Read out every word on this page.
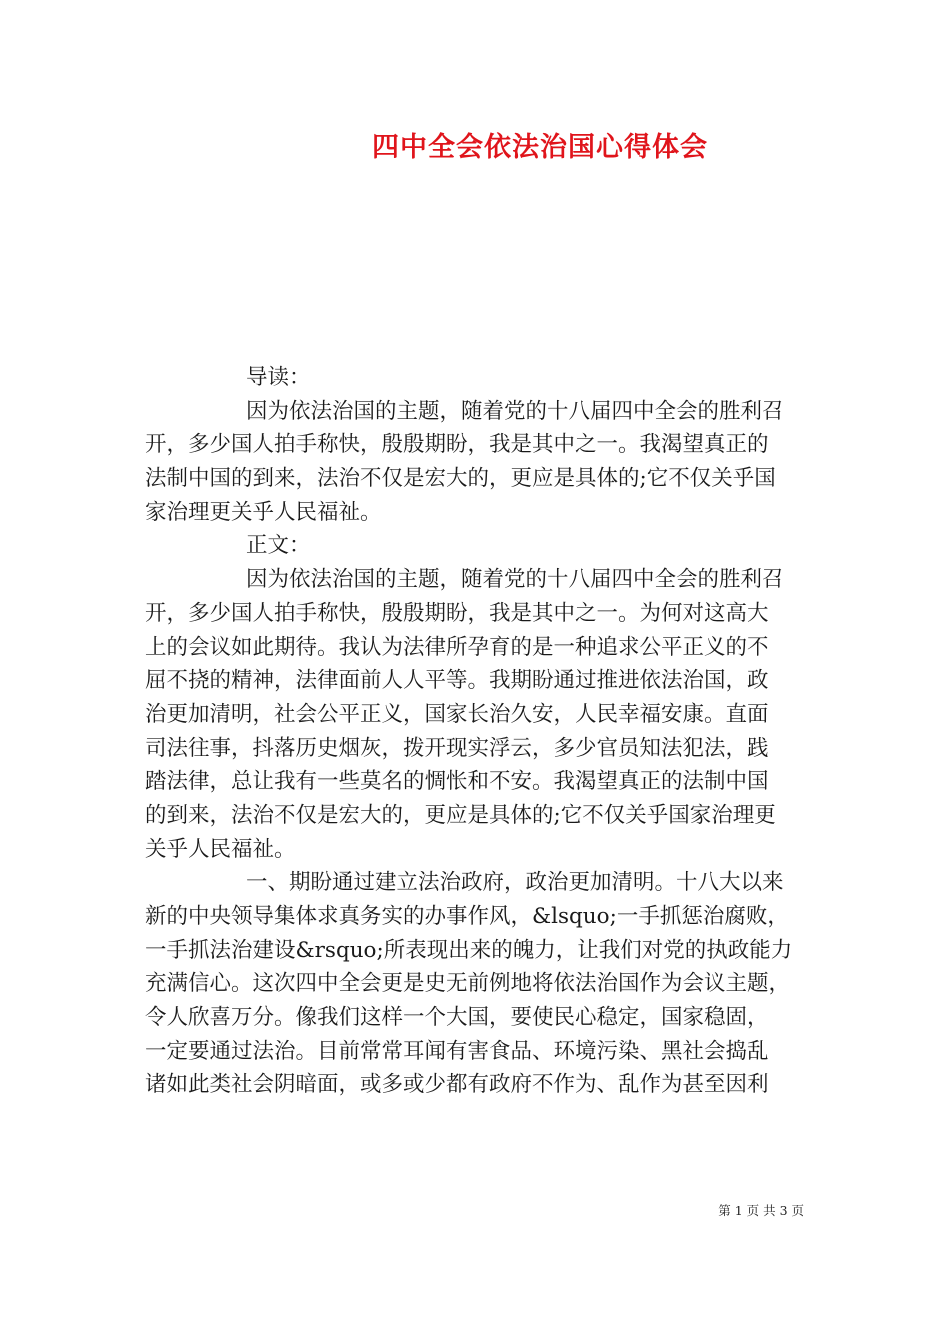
四中全会依法治国心得体会
导读：
因为依法治国的主题，随着党的十八届四中全会的胜利召
开，多少国人拍手称快，殷殷期盼，我是其中之一。我渴望真正的
法制中国的到来，法治不仅是宏大的，更应是具体的;它不仅关乎国
家治理更关乎人民福祉。
正文：
因为依法治国的主题，随着党的十八届四中全会的胜利召
开，多少国人拍手称快，殷殷期盼，我是其中之一。为何对这高大
上的会议如此期待。我认为法律所孕育的是一种追求公平正义的不
屈不挠的精神，法律面前人人平等。我期盼通过推进依法治国，政
治更加清明，社会公平正义，国家长治久安，人民幸福安康。直面
司法往事，抖落历史烟灰，拨开现实浮云，多少官员知法犯法，践
踏法律，总让我有一些莫名的惆怅和不安。我渴望真正的法制中国
的到来，法治不仅是宏大的，更应是具体的;它不仅关乎国家治理更
关乎人民福祉。
一、期盼通过建立法治政府，政治更加清明。十八大以来
新的中央领导集体求真务实的办事作风，&lsquo;一手抓惩治腐败，
一手抓法治建设&rsquo;所表现出来的魄力，让我们对党的执政能力
充满信心。这次四中全会更是史无前例地将依法治国作为会议主题，
令人欣喜万分。像我们这样一个大国，要使民心稳定，国家稳固，
一定要通过法治。目前常常耳闻有害食品、环境污染、黑社会捣乱
诸如此类社会阴暗面，或多或少都有政府不作为、乱作为甚至因利
第 1 页 共 3 页
